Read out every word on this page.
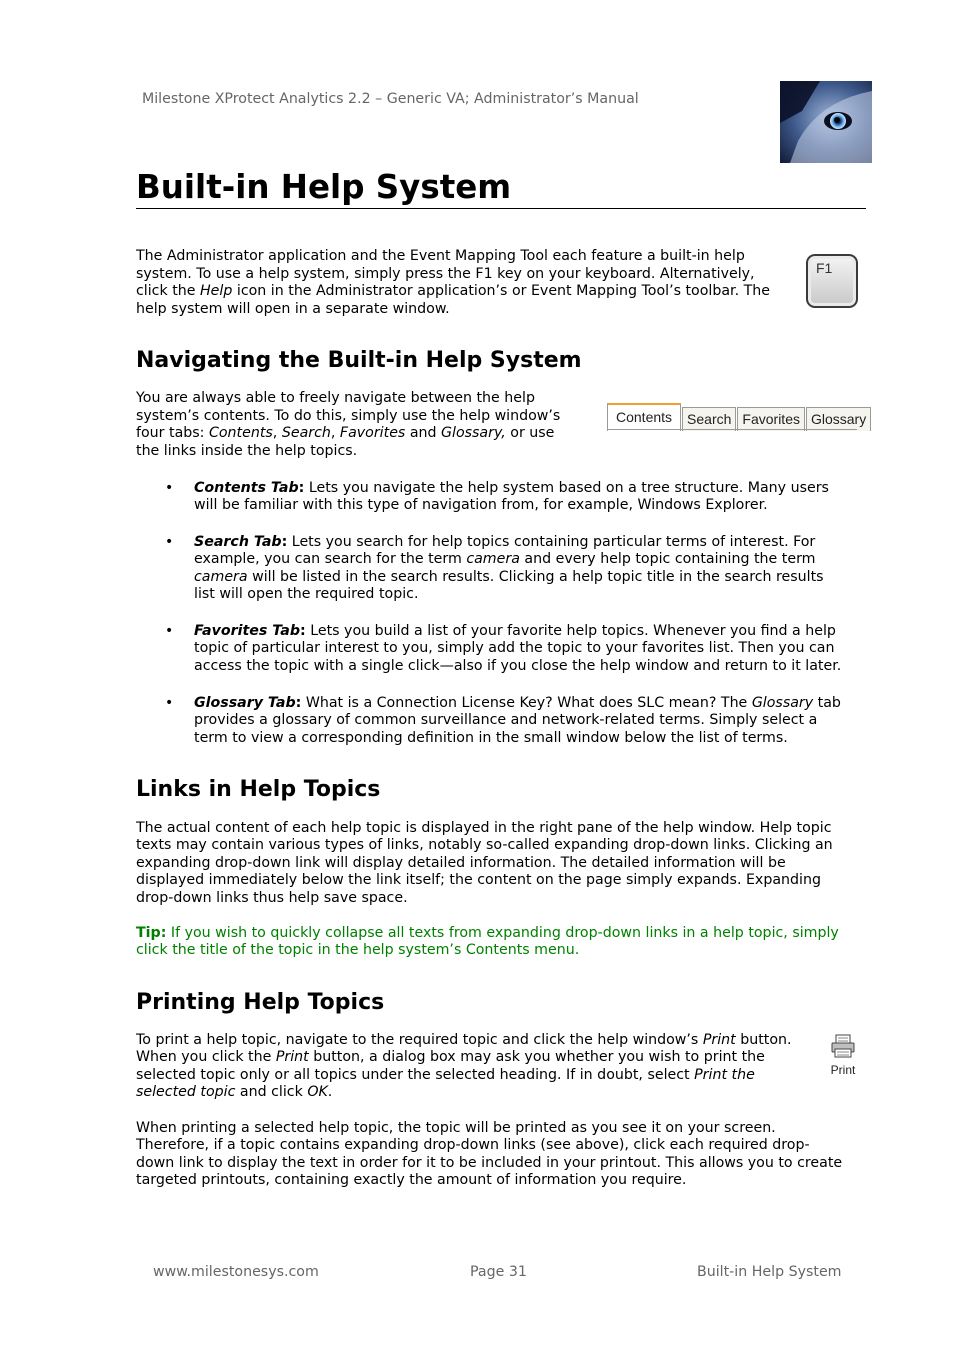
Milestone XProtect Analytics 2.2 – Generic VA; Administrator’s Manual
Built-in Help System
The Administrator application and the Event Mapping Tool each feature a built-in help
system. To use a help system, simply press the F1 key on your keyboard. Alternatively,
click the Help icon in the Administrator application’s or Event Mapping Tool’s toolbar. The
help system will open in a separate window.
F1
Navigating the Built-in Help System
You are always able to freely navigate between the help
system’s contents. To do this, simply use the help window’s
four tabs: Contents, Search, Favorites and Glossary, or use
the links inside the help topics.
Contents	Search Favorites Glossary
• Contents Tab: Lets you navigate the help system based on a tree structure. Many users
will be familiar with this type of navigation from, for example, Windows Explorer.
• Search Tab: Lets you search for help topics containing particular terms of interest. For
example, you can search for the term camera and every help topic containing the term
camera will be listed in the search results. Clicking a help topic title in the search results
list will open the required topic.
• Favorites Tab: Lets you build a list of your favorite help topics. Whenever you find a help
topic of particular interest to you, simply add the topic to your favorites list. Then you can
access the topic with a single click—also if you close the help window and return to it later.
• Glossary Tab: What is a Connection License Key? What does SLC mean? The Glossary tab
provides a glossary of common surveillance and network-related terms. Simply select a
term to view a corresponding definition in the small window below the list of terms.
Links in Help Topics
The actual content of each help topic is displayed in the right pane of the help window. Help topic
texts may contain various types of links, notably so-called expanding drop-down links. Clicking an
expanding drop-down link will display detailed information. The detailed information will be
displayed immediately below the link itself; the content on the page simply expands. Expanding
drop-down links thus help save space.
Tip: If you wish to quickly collapse all texts from expanding drop-down links in a help topic, simply
click the title of the topic in the help system’s Contents menu.
Printing Help Topics
To print a help topic, navigate to the required topic and click the help window’s Print button.
When you click the Print button, a dialog box may ask you whether you wish to print the
selected topic only or all topics under the selected heading. If in doubt, select Print the
selected topic and click OK.
Print
When printing a selected help topic, the topic will be printed as you see it on your screen.
Therefore, if a topic contains expanding drop-down links (see above), click each required drop-
down link to display the text in order for it to be included in your printout. This allows you to create
targeted printouts, containing exactly the amount of information you require.
www.milestonesys.com	Page 31	Built-in Help System
